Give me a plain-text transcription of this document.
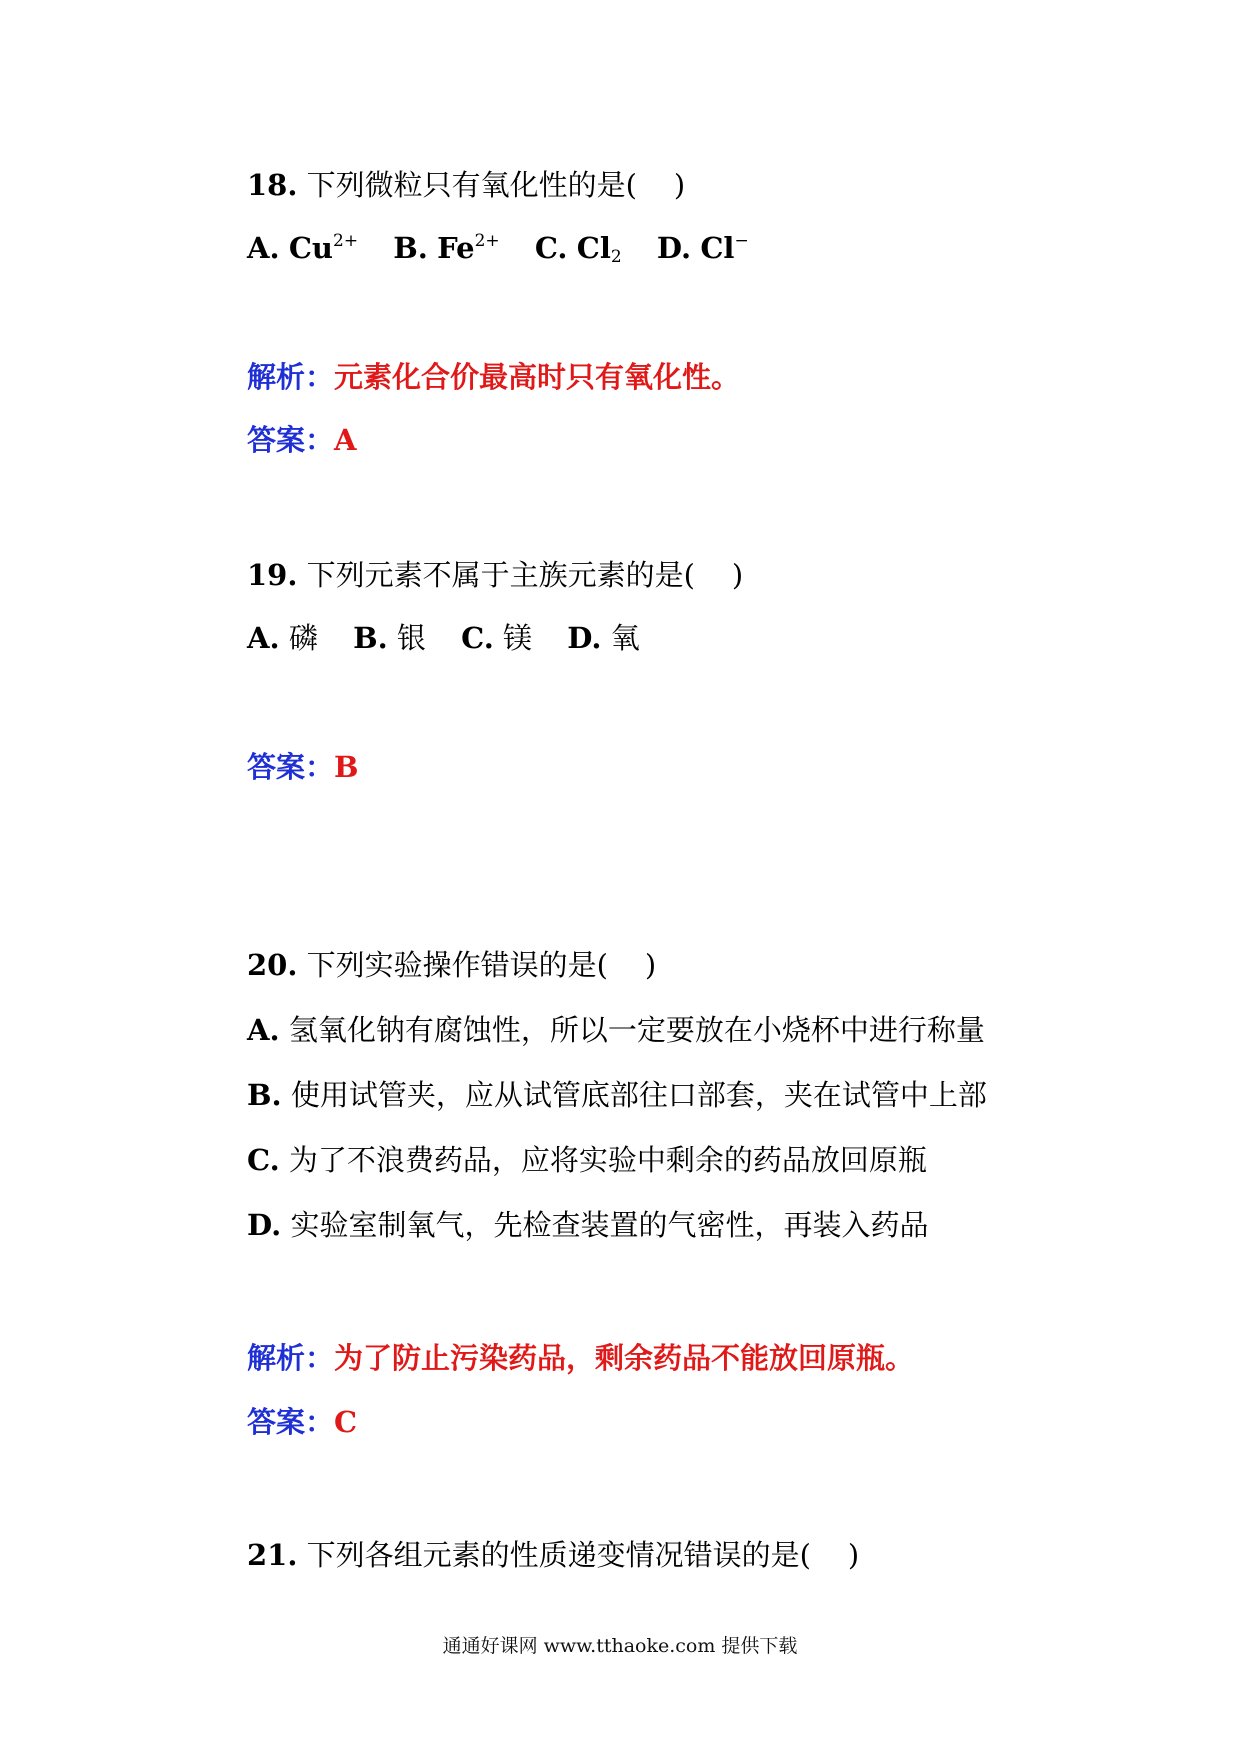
18. 下列微粒只有氧化性的是( )
A. $Cu^{2+}$ B. $Fe^{2+}$ C. $Cl_2$ D. Cl−
解析：元素化合价最高时只有氧化性。
答案：A
19. 下列元素不属于主族元素的是( )
A. 磷 B. 银 C. 镁 D. 氧
答案：B
20. 下列实验操作错误的是( )
A. 氢氧化钠有腐蚀性，所以一定要放在小烧杯中进行称量
B. 使用试管夹，应从试管底部往口部套，夹在试管中上部
C. 为了不浪费药品，应将实验中剩余的药品放回原瓶
D. 实验室制氧气，先检查装置的气密性，再装入药品
解析：为了防止污染药品，剩余药品不能放回原瓶。
答案：C
21. 下列各组元素的性质递变情况错误的是( )
通通好课网 www.tthaoke.com 提供下载
